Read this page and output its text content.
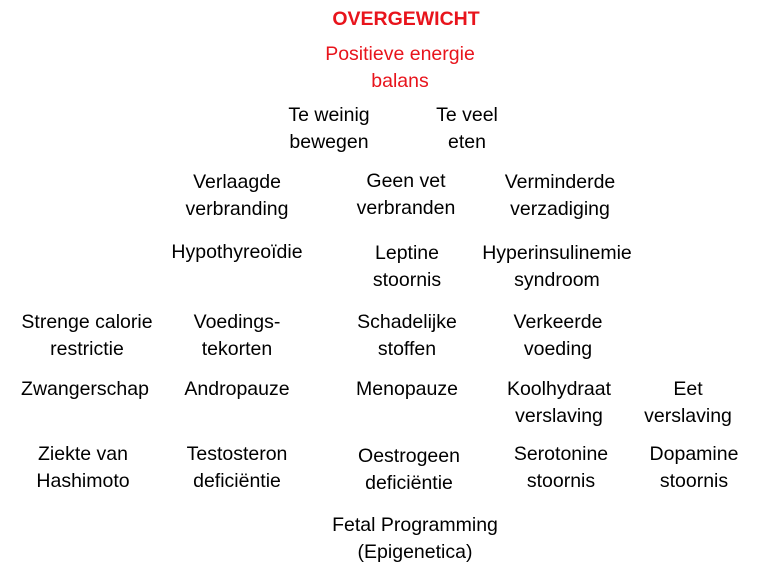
OVERGEWICHT
Positieve energie
balans
Te weinig
bewegen
Te veel
eten
Verlaagde
verbranding
Geen vet
verbranden
Verminderde
verzadiging
Hypothyreoïdie	Leptine
stoornis
Hyperinsulinemie
syndroom
Strenge calorie
restrictie
Voedings-
tekorten
Schadelijke
stoffen
Verkeerde
voeding
Zwangerschap Andropauze	Menopauze	Koolhydraat
verslaving
Eet
verslaving
Ziekte van
Hashimoto
Testosteron
deficiëntie
Oestrogeen
deficiëntie
Serotonine
stoornis
Dopamine
stoornis
Fetal Programming
(Epigenetica)
